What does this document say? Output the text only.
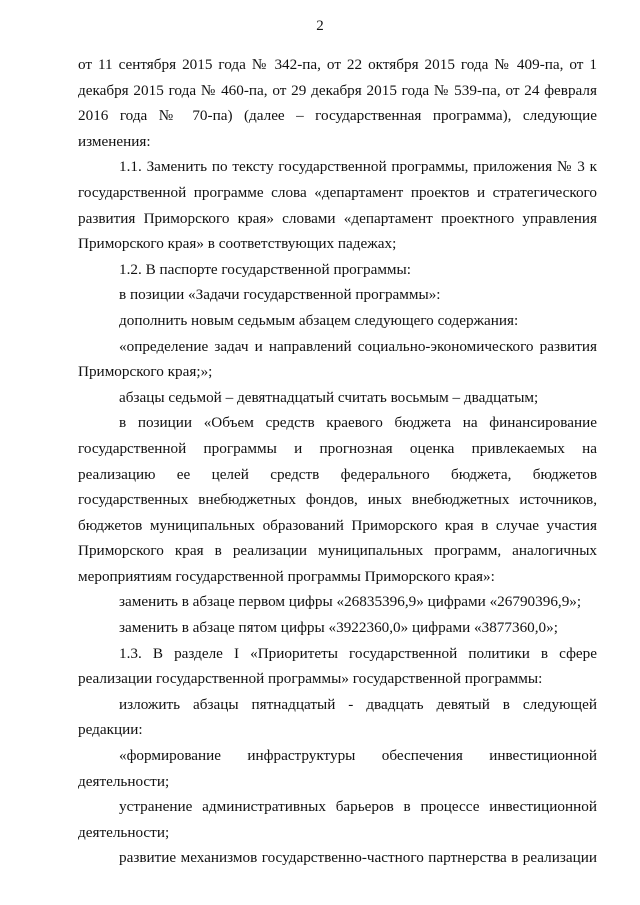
2

от 11 сентября 2015 года № 342-па, от 22 октября 2015 года № 409-па, от 1 декабря 2015 года № 460-па, от 29 декабря 2015 года № 539-па, от 24 февраля 2016 года № 70-па) (далее – государственная программа), следующие изменения:

1.1. Заменить по тексту государственной программы, приложения № 3 к государственной программе слова «департамент проектов и стратегического развития Приморского края» словами «департамент проектного управления Приморского края» в соответствующих падежах;

1.2. В паспорте государственной программы:

в позиции «Задачи государственной программы»:

дополнить новым седьмым абзацем следующего содержания:

«определение задач и направлений социально-экономического развития Приморского края;»;

абзацы седьмой – девятнадцатый считать восьмым – двадцатым;

в позиции «Объем средств краевого бюджета на финансирование государственной программы и прогнозная оценка привлекаемых на реализацию ее целей средств федерального бюджета, бюджетов государственных внебюджетных фондов, иных внебюджетных источников, бюджетов муниципальных образований Приморского края в случае участия Приморского края в реализации муниципальных программ, аналогичных мероприятиям государственной программы Приморского края»:

заменить в абзаце первом цифры «26835396,9» цифрами «26790396,9»;

заменить в абзаце пятом цифры «3922360,0» цифрами «3877360,0»;

1.3. В разделе I «Приоритеты государственной политики в сфере реализации государственной программы» государственной программы:

изложить абзацы пятнадцатый - двадцать девятый в следующей редакции:

«формирование инфраструктуры обеспечения инвестиционной деятельности;

устранение административных барьеров в процессе инвестиционной деятельности;

развитие механизмов государственно-частного партнерства в реализации
